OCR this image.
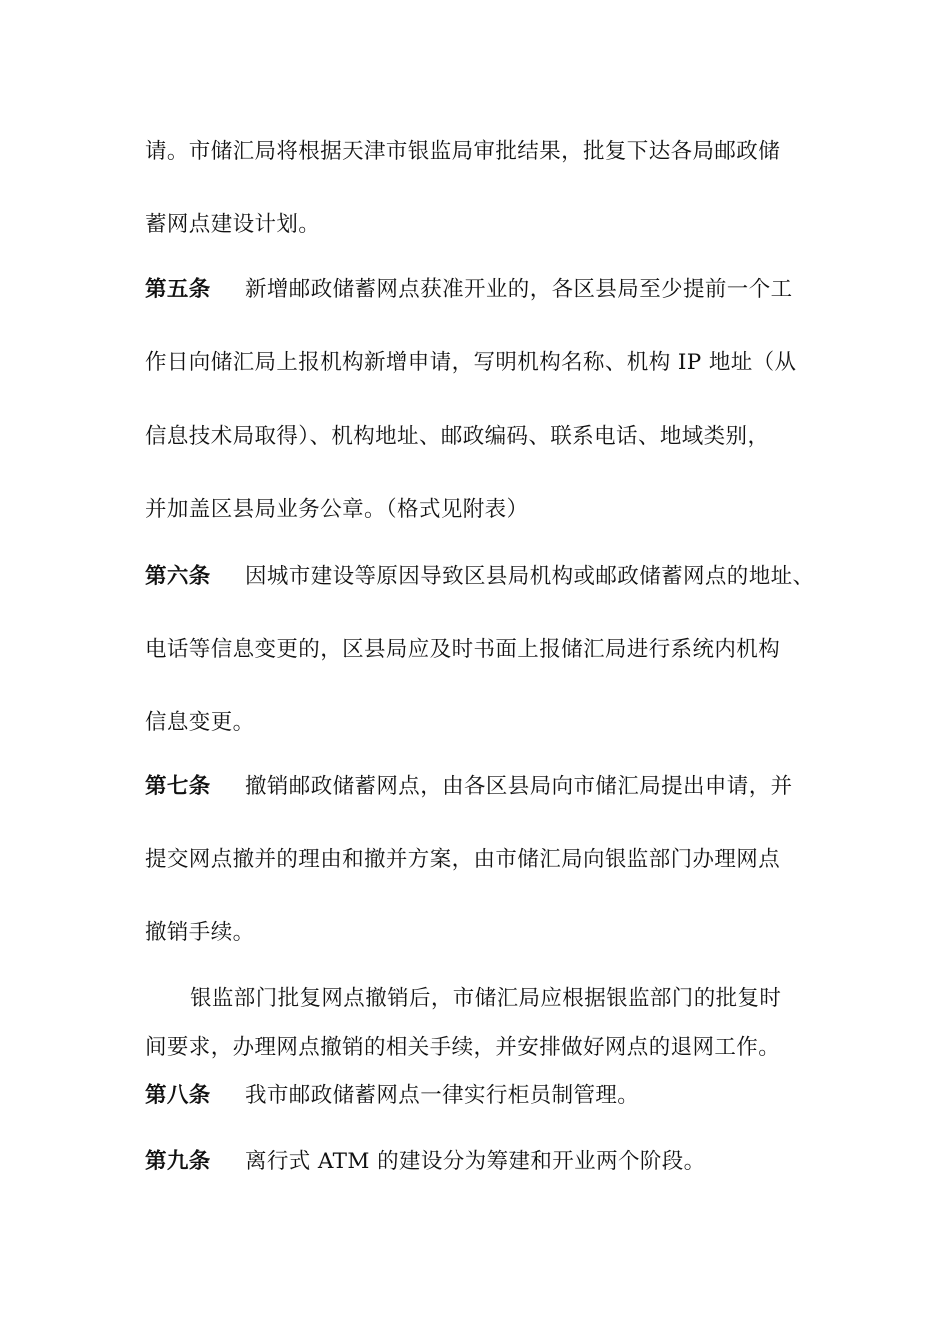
请。市储汇局将根据天津市银监局审批结果，批复下达各局邮政储
蓄网点建设计划。
第五条 新增邮政储蓄网点获准开业的，各区县局至少提前一个工
作日向储汇局上报机构新增申请，写明机构名称、机构 IP 地址（从
信息技术局取得）、机构地址、邮政编码、联系电话、地域类别，
并加盖区县局业务公章。（格式见附表）
第六条 因城市建设等原因导致区县局机构或邮政储蓄网点的地址、
电话等信息变更的，区县局应及时书面上报储汇局进行系统内机构
信息变更。
第七条 撤销邮政储蓄网点，由各区县局向市储汇局提出申请，并
提交网点撤并的理由和撤并方案，由市储汇局向银监部门办理网点
撤销手续。
银监部门批复网点撤销后，市储汇局应根据银监部门的批复时
间要求，办理网点撤销的相关手续，并安排做好网点的退网工作。
第八条 我市邮政储蓄网点一律实行柜员制管理。
第九条 离行式 ATM 的建设分为筹建和开业两个阶段。
